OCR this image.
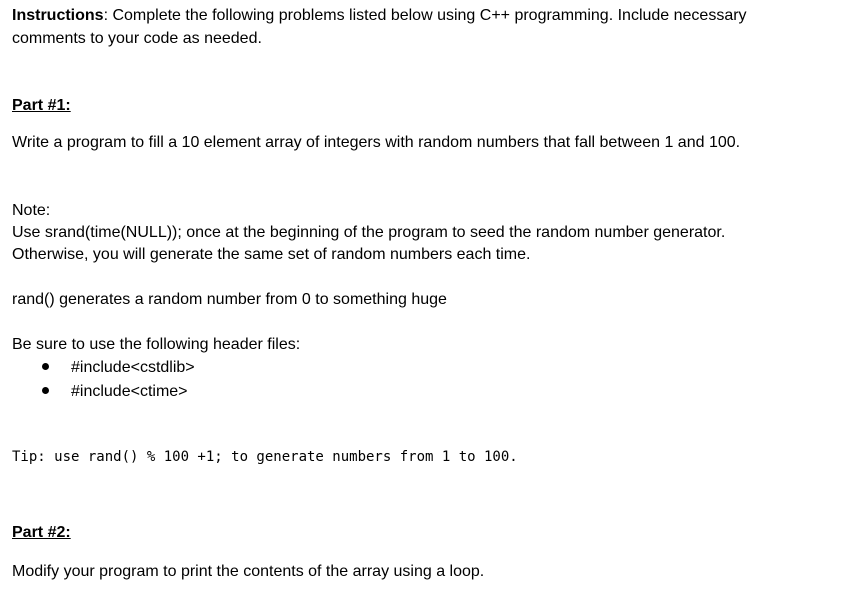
Instructions: Complete the following problems listed below using C++ programming. Include necessary
comments to your code as needed.
Part #1:
Write a program to fill a 10 element array of integers with random numbers that fall between 1 and 100.
Note:
Use srand(time(NULL)); once at the beginning of the program to seed the random number generator.
Otherwise, you will generate the same set of random numbers each time.
rand() generates a random number from 0 to something huge
Be sure to use the following header files:
#include<cstdlib>
#include<ctime>
Tip: use rand() % 100 +1; to generate numbers from 1 to 100.
Part #2:
Modify your program to print the contents of the array using a loop.
